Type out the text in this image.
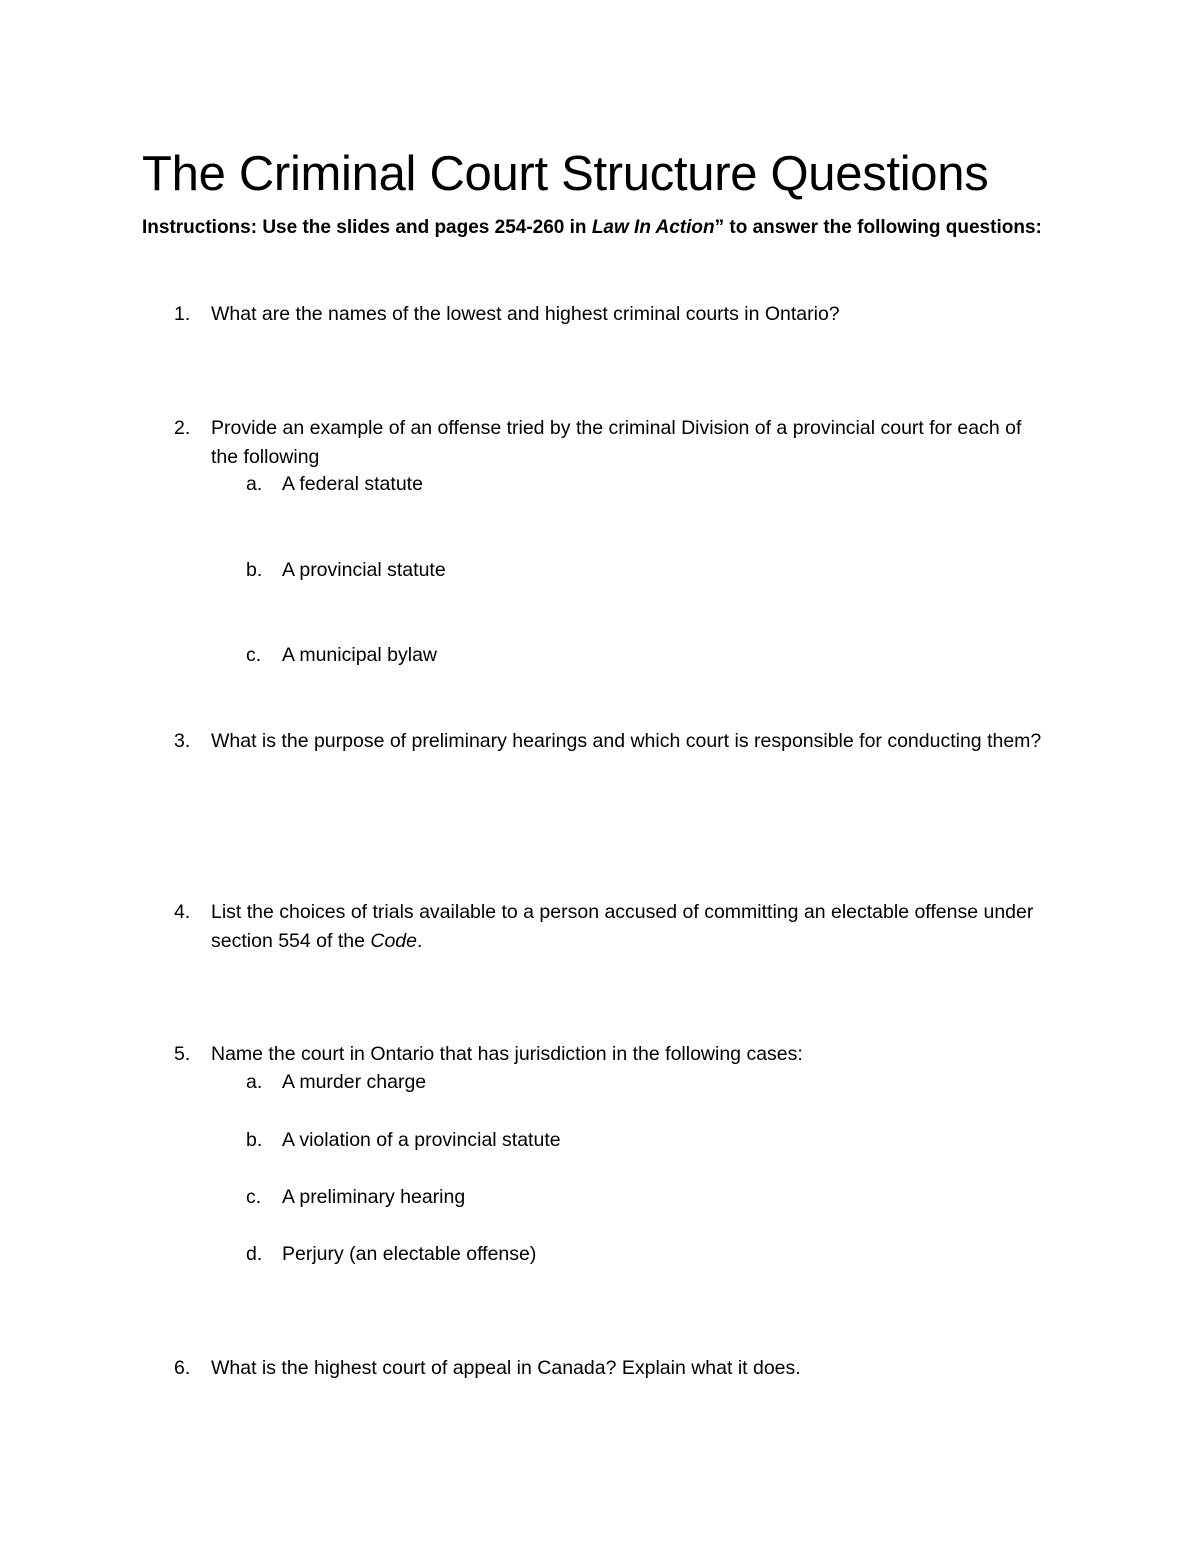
The Criminal Court Structure Questions

Instructions: Use the slides and pages 254-260 in Law In Action” to answer the following questions:

1. What are the names of the lowest and highest criminal courts in Ontario?
2. Provide an example of an offense tried by the criminal Division of a provincial court for each of the following
a. A federal statute
b. A provincial statute
c. A municipal bylaw
3. What is the purpose of preliminary hearings and which court is responsible for conducting them?
4. List the choices of trials available to a person accused of committing an electable offense under section 554 of the Code.
5. Name the court in Ontario that has jurisdiction in the following cases:
a. A murder charge
b. A violation of a provincial statute
c. A preliminary hearing
d. Perjury (an electable offense)
6. What is the highest court of appeal in Canada? Explain what it does.
